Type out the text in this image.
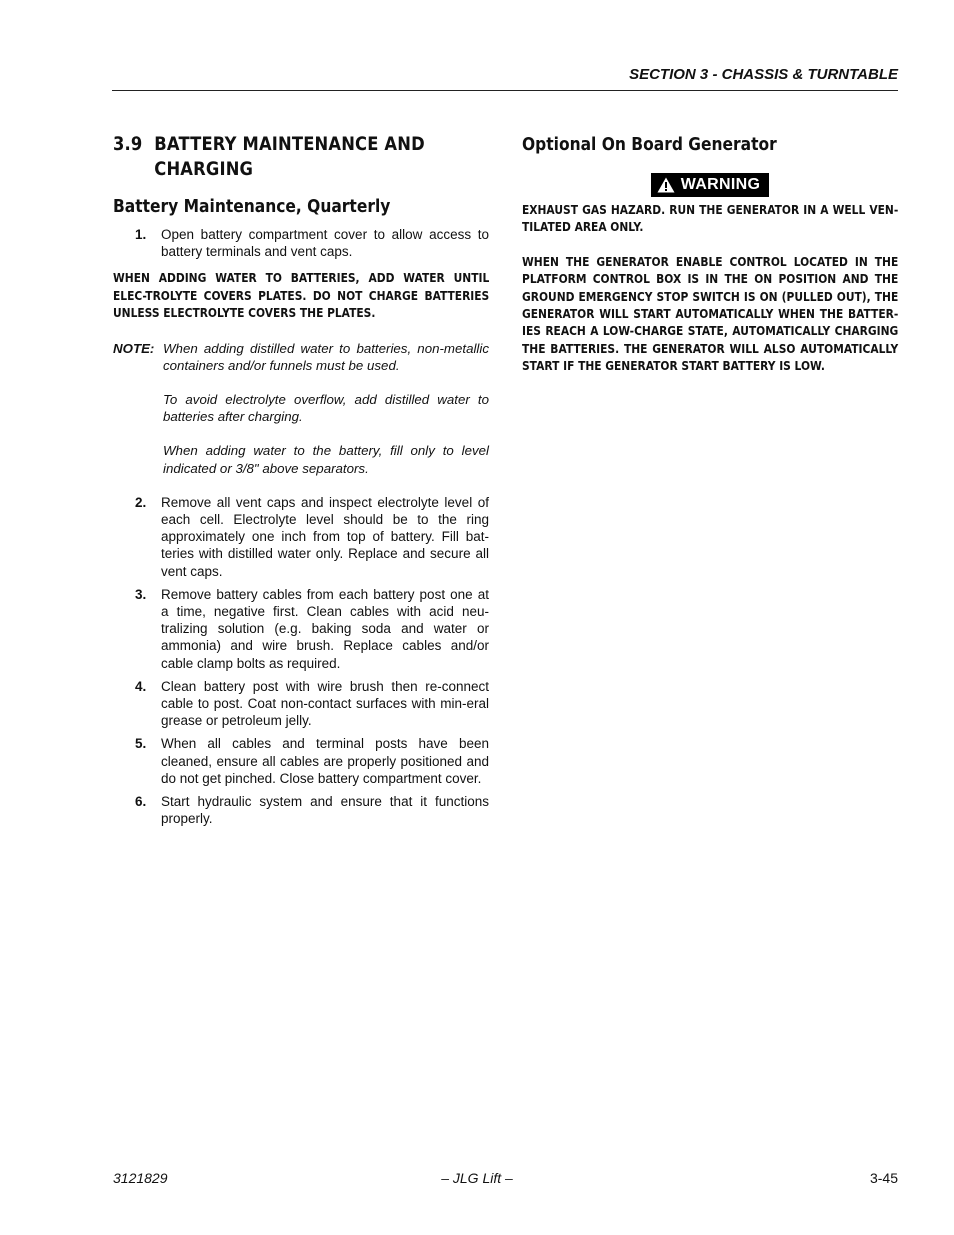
SECTION 3 - CHASSIS & TURNTABLE
3.9 BATTERY MAINTENANCE AND
CHARGING
Battery Maintenance, Quarterly
1. Open battery compartment cover to allow access to battery terminals and vent caps.
WHEN ADDING WATER TO BATTERIES, ADD WATER UNTIL ELEC-TROLYTE COVERS PLATES. DO NOT CHARGE BATTERIES UNLESS ELECTROLYTE COVERS THE PLATES.
NOTE: When adding distilled water to batteries, non-metallic containers and/or funnels must be used.
To avoid electrolyte overflow, add distilled water to batteries after charging.
When adding water to the battery, fill only to level indicated or 3/8" above separators.
2. Remove all vent caps and inspect electrolyte level of each cell. Electrolyte level should be to the ring approximately one inch from top of battery. Fill bat-teries with distilled water only. Replace and secure all vent caps.
3. Remove battery cables from each battery post one at a time, negative first. Clean cables with acid neu-tralizing solution (e.g. baking soda and water or ammonia) and wire brush. Replace cables and/or cable clamp bolts as required.
4. Clean battery post with wire brush then re-connect cable to post. Coat non-contact surfaces with min-eral grease or petroleum jelly.
5. When all cables and terminal posts have been cleaned, ensure all cables are properly positioned and do not get pinched. Close battery compartment cover.
6. Start hydraulic system and ensure that it functions properly.
Optional On Board Generator
WARNING
EXHAUST GAS HAZARD. RUN THE GENERATOR IN A WELL VEN-TILATED AREA ONLY.
WHEN THE GENERATOR ENABLE CONTROL LOCATED IN THE PLATFORM CONTROL BOX IS IN THE ON POSITION AND THE GROUND EMERGENCY STOP SWITCH IS ON (PULLED OUT), THE GENERATOR WILL START AUTOMATICALLY WHEN THE BATTER-IES REACH A LOW-CHARGE STATE, AUTOMATICALLY CHARGING THE BATTERIES. THE GENERATOR WILL ALSO AUTOMATICALLY START IF THE GENERATOR START BATTERY IS LOW.
3121829	– JLG Lift –	3-45
